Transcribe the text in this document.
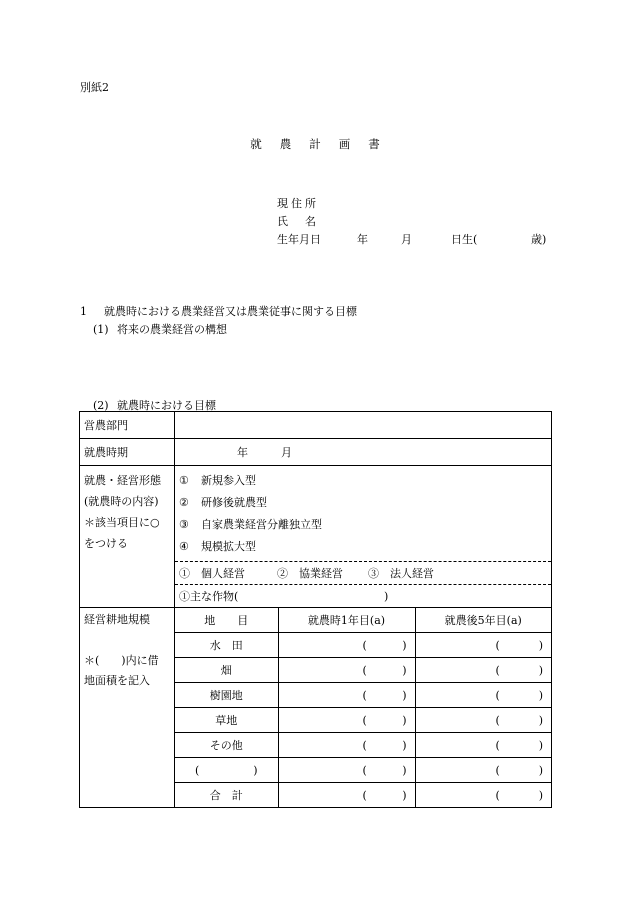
別紙2
就農計画書
現住所
氏　名
生年月日	年	月	日生(	歳)
1 就農時における農業経営又は農業従事に関する目標
(1) 将来の農業経営の構想
(2) 就農時における目標
営農部門	
就農時期	年	月

就農・経営形態
(就農時の内容)
＊該当項目に○
をつける

①	新規参入型
②	研修後就農型
③	自家農業経営分離独立型
④	規模拡大型
①　個人経営	②　協業経営	③　法人経営
①主な作物(	)

経営耕地規模
＊(　　)内に借
地面積を記入

地　　目	就農時1年目(a)	就農後5年目(a)
水　田	(	)	(	)

畑	(	)	(	)

樹園地	(	)	(	)

草地	(	)	(	)

その他	(	)	(	)

(	)	(	)	(	)

合　計	(	)	(	)
